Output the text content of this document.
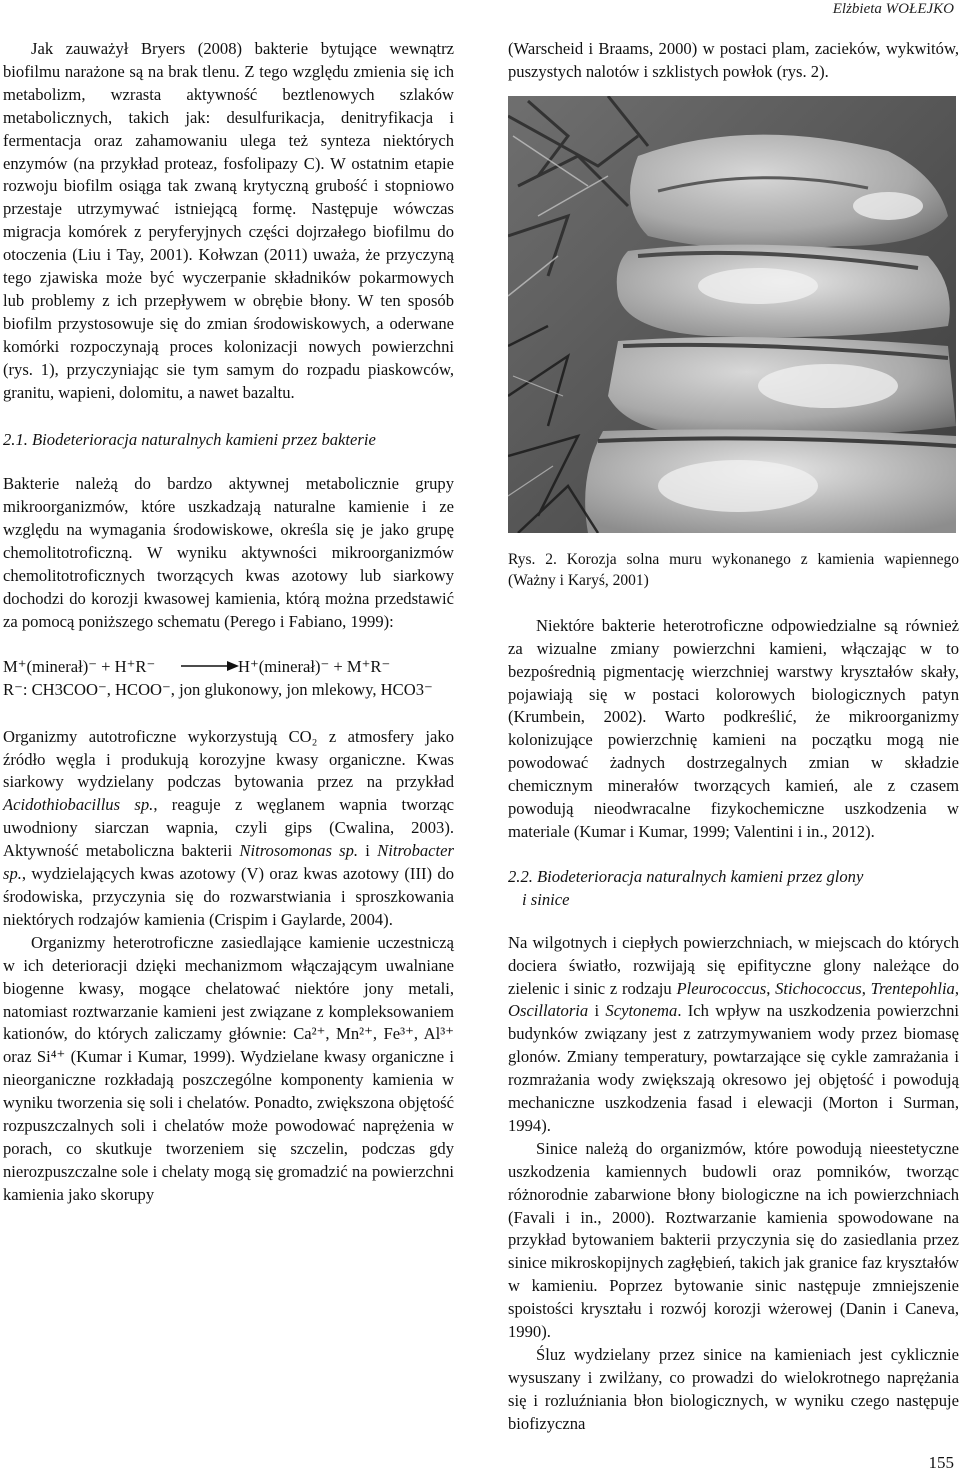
Elżbieta WOŁEJKO

Jak zauważył Bryers (2008) bakterie bytujące wewnątrz biofilmu narażone są na brak tlenu. Z tego względu zmienia się ich metabolizm, wzrasta aktywność beztlenowych szlaków metabolicznych, takich jak: desulfurikacja, denitryfikacja i fermentacja oraz zahamowaniu ulega też synteza niektórych enzymów (na przykład proteaz, fosfolipazy C). W ostatnim etapie rozwoju biofilm osiąga tak zwaną krytyczną grubość i stopniowo przestaje utrzymywać istniejącą formę. Następuje wówczas migracja komórek z peryferyjnych części dojrzałego biofilmu do otoczenia (Liu i Tay, 2001). Kołwzan (2011) uważa, że przyczyną tego zjawiska może być wyczerpanie składników pokarmowych lub problemy z ich przepływem w obrębie błony. W ten sposób biofilm przystosowuje się do zmian środowiskowych, a oderwane komórki rozpoczynają proces kolonizacji nowych powierzchni (rys. 1), przyczyniając sie tym samym do rozpadu piaskowców, granitu, wapieni, dolomitu, a nawet bazaltu.

2.1. Biodeterioracja naturalnych kamieni przez bakterie

Bakterie należą do bardzo aktywnej metabolicznie grupy mikroorganizmów, które uszkadzają naturalne kamienie i ze względu na wymagania środowiskowe, określa się je jako grupę chemolitotroficzną. W wyniku aktywności mikroorganizmów chemolitotroficznych tworzących kwas azotowy lub siarkowy dochodzi do korozji kwasowej kamienia, którą można przedstawić za pomocą poniższego schematu (Perego i Fabiano, 1999):

M⁺(minerał)⁻ + H⁺R⁻	H⁺(minerał)⁻ + M⁺R⁻
R⁻: CH3COO⁻, HCOO⁻, jon glukonowy, jon mlekowy, HCO3⁻

Organizmy autotroficzne wykorzystują CO₂ z atmosfery jako źródło węgla i produkują korozyjne kwasy organiczne. Kwas siarkowy wydzielany podczas bytowania przez na przykład Acidothiobacillus sp., reaguje z węglanem wapnia tworząc uwodniony siarczan wapnia, czyli gips (Cwalina, 2003). Aktywność metaboliczna bakterii Nitrosomonas sp. i Nitrobacter sp., wydzielających kwas azotowy (V) oraz kwas azotowy (III) do środowiska, przyczynia się do rozwarstwiania i sproszkowania niektórych rodzajów kamienia (Crispim i Gaylarde, 2004).

Organizmy heterotroficzne zasiedlające kamienie uczestniczą w ich deterioracji dzięki mechanizmom włączającym uwalniane biogenne kwasy, mogące chelatować niektóre jony metali, natomiast roztwarzanie kamieni jest związane z kompleksowaniem kationów, do których zaliczamy głównie: Ca²⁺, Mn²⁺, Fe³⁺, Al³⁺ oraz Si⁴⁺ (Kumar i Kumar, 1999). Wydzielane kwasy organiczne i nieorganiczne rozkładają poszczególne komponenty kamienia w wyniku tworzenia się soli i chelatów. Ponadto, zwiększona objętość rozpuszczalnych soli i chelatów może powodować naprężenia w porach, co skutkuje tworzeniem się szczelin, podczas gdy nierozpuszczalne sole i chelaty mogą się gromadzić na powierzchni kamienia jako skorupy

(Warscheid i Braams, 2000) w postaci plam, zacieków, wykwitów, puszystych nalotów i szklistych powłok (rys. 2).

Rys. 2. Korozja solna muru wykonanego z kamienia wapiennego (Ważny i Karyś, 2001)

Niektóre bakterie heterotroficzne odpowiedzialne są również za wizualne zmiany powierzchni kamieni, włączając w to bezpośrednią pigmentację wierzchniej warstwy kryształów skały, pojawiają się w postaci kolorowych biologicznych patyn (Krumbein, 2002). Warto podkreślić, że mikroorganizmy kolonizujące powierzchnię kamieni na początku mogą nie powodować żadnych dostrzegalnych zmian w składzie chemicznym minerałów tworzących kamień, ale z czasem powodują nieodwracalne fizykochemiczne uszkodzenia w materiale (Kumar i Kumar, 1999; Valentini i in., 2012).

2.2. Biodeterioracja naturalnych kamieni przez glony
i sinice

Na wilgotnych i ciepłych powierzchniach, w miejscach do których dociera światło, rozwijają się epifityczne glony należące do zielenic i sinic z rodzaju Pleurococcus, Stichococcus, Trentepohlia, Oscillatoria i Scytonema. Ich wpływ na uszkodzenia powierzchni budynków związany jest z zatrzymywaniem wody przez biomasę glonów. Zmiany temperatury, powtarzające się cykle zamrażania i rozmrażania wody zwiększają okresowo jej objętość i powodują mechaniczne uszkodzenia fasad i elewacji (Morton i Surman, 1994).

Sinice należą do organizmów, które powodują nieestetyczne uszkodzenia kamiennych budowli oraz pomników, tworząc różnorodnie zabarwione błony biologiczne na ich powierzchniach (Favali i in., 2000). Roztwarzanie kamienia spowodowane na przykład bytowaniem bakterii przyczynia się do zasiedlania przez sinice mikroskopijnych zagłębień, takich jak granice faz kryształów w kamieniu. Poprzez bytowanie sinic następuje zmniejszenie spoistości kryształu i rozwój korozji wżerowej (Danin i Caneva, 1990).

Śluz wydzielany przez sinice na kamieniach jest cyklicznie wysuszany i zwilżany, co prowadzi do wielokrotnego naprężania się i rozluźniania błon biologicznych, w wyniku czego następuje biofizyczna

155
